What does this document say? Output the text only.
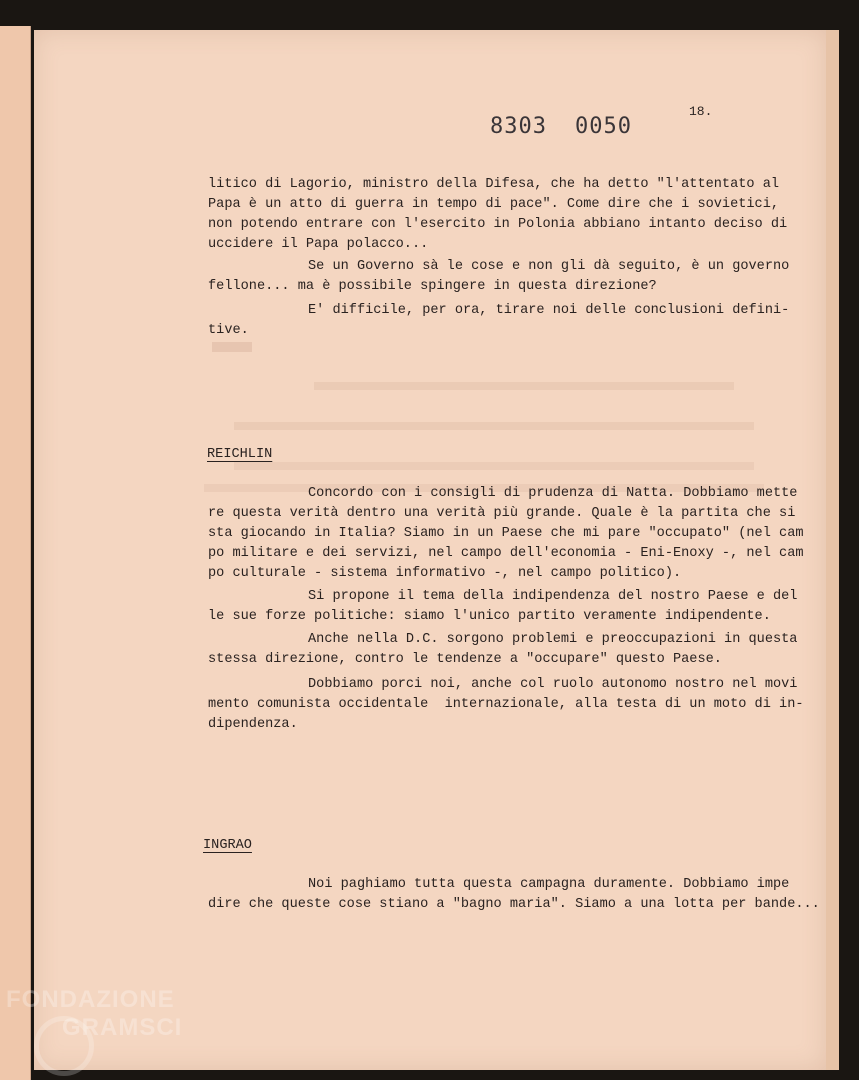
18.
8303 0050

litico di Lagorio, ministro della Difesa, che ha detto "l'attentato al
Papa è un atto di guerra in tempo di pace". Come dire che i sovietici,
non potendo entrare con l'esercito in Polonia abbiano intanto deciso di
uccidere il Papa polacco...

Se un Governo sà le cose e non gli dà seguito, è un governo
fellone... ma è possibile spingere in questa direzione?

E' difficile, per ora, tirare noi delle conclusioni defini-
tive.

REICHLIN

Concordo con i consigli di prudenza di Natta. Dobbiamo mette
re questa verità dentro una verità più grande. Quale è la partita che si
sta giocando in Italia? Siamo in un Paese che mi pare "occupato" (nel cam
po militare e dei servizi, nel campo dell'economia - Eni-Enoxy -, nel cam
po culturale - sistema informativo -, nel campo politico).

Si propone il tema della indipendenza del nostro Paese e del
le sue forze politiche: siamo l'unico partito veramente indipendente.

Anche nella D.C. sorgono problemi e preoccupazioni in questa
stessa direzione, contro le tendenze a "occupare" questo Paese.

Dobbiamo porci noi, anche col ruolo autonomo nostro nel movi
mento comunista occidentale  internazionale, alla testa di un moto di in-
dipendenza.

INGRAO

Noi paghiamo tutta questa campagna duramente. Dobbiamo impe
dire che queste cose stiano a "bagno maria". Siamo a una lotta per bande...

FONDAZIONE
GRAMSCI
